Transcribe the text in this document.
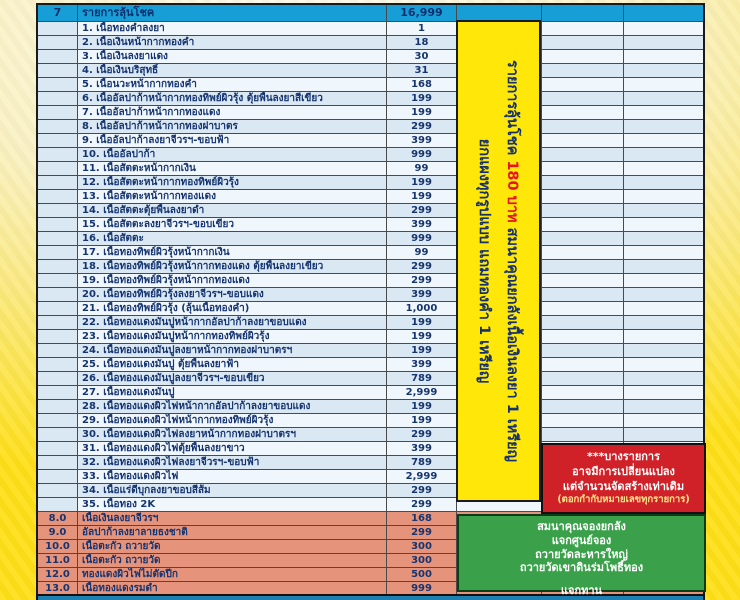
7	รายการลุ้นโชค	16,999
1. เนื้อทองคำลงยา	1
2. เนื้อเงินหน้ากากทองคำ	18
3. เนื้อเงินลงยาแดง	30
4. เนื้อเงินบริสุทธิ์	31
5. เนื้อนวะหน้ากากทองคำ	168
6. เนื้ออัลปาก้าหน้ากากทองทิพย์ผิวรุ้ง ตุ้ยพื้นลงยาสีเขียว	199
7. เนื้ออัลปาก้าหน้ากากทองแดง	199
8. เนื้ออัลปาก้าหน้ากากทองฝาบาตร	299
9. เนื้ออัลปาก้าลงยาจีวรฯ-ขอบฟ้า	399
10. เนื้ออัลปาก้า	999
11. เนื้อสัตตะหน้ากากเงิน	99
12. เนื้อสัตตะหน้ากากทองทิพย์ผิวรุ้ง	199
13. เนื้อสัตตะหน้ากากทองแดง	199
14. เนื้อสัตตะตุ้ยพื้นลงยาดำ	299
15. เนื้อสัตตะลงยาจีวรฯ-ขอบเขียว	399
16. เนื้อสัตตะ	999
17. เนื้อทองทิพย์ผิวรุ้งหน้ากากเงิน	99
18. เนื้อทองทิพย์ผิวรุ้งหน้ากากทองแดง ตุ้ยพื้นลงยาเขียว	299
19. เนื้อทองทิพย์ผิวรุ้งหน้ากากทองแดง	299
20. เนื้อทองทิพย์ผิวรุ้งลงยาจีวรฯ-ขอบแดง	399
21. เนื้อทองทิพย์ผิวรุ้ง (ลุ้นเนื้อทองคำ)	1,000
22. เนื้อทองแดงมันปูหน้ากากอัลปาก้าลงยาขอบแดง	199
23. เนื้อทองแดงมันปูหน้ากากทองทิพย์ผิวรุ้ง	199
24. เนื้อทองแดงมันปูลงยาหน้ากากทองฝาบาตรฯ	199
25. เนื้อทองแดงมันปู ตุ้ยพื้นลงยาฟ้า	399
26. เนื้อทองแดงมันปูลงยาจีวรฯ-ขอบเขียว	789
27. เนื้อทองแดงมันปู	2,999
28. เนื้อทองแดงผิวไฟหน้ากากอัลปาก้าลงยาขอบแดง	199
29. เนื้อทองแดงผิวไฟหน้ากากทองทิพย์ผิวรุ้ง	199
30. เนื้อทองแดงผิวไฟลงยาหน้ากากทองฝาบาตรฯ	299
31. เนื้อทองแดงผิวไฟตุ้ยพื้นลงยาขาว	399
32. เนื้อทองแดงผิวไฟลงยาจีวรฯ-ขอบฟ้า	789
33. เนื้อทองแดงผิวไฟ	2,999
34. เนื้อแร่ดีบุกลงยาขอบสีส้ม	299
35. เนื้อทอง 2K	299
8.0	เนื้อเงินลงยาจีวรฯ	168
9.0	อัลปาก้าลงยาลายธงชาติ	299
10.0	เนื้อตะกั่ว ถวายวัด	300
11.0	เนื้อตะกั่ว ถวายวัด	300
12.0	ทองแดงผิวไฟไม่ตัดปีก	500
13.0	เนื้อทองแดงรมดำ	999
รายการลุ้นโชค 180 บาท สมนาคุณยกลังเนื้อเงินลงยา 1 เหรียญ
ยกแผงทุกรูปแบบ แถมทองคำ 1 เหรียญ
***บางรายการ
อาจมีการเปลี่ยนแปลง
แต่จำนวนจัดสร้างเท่าเดิม
(ตอกกำกับหมายเลขทุกรายการ)
สมนาคุณจองยกลัง
แจกศูนย์จอง
ถวายวัดละหารใหญ่
ถวายวัดเขาดินร่มโพธิ์ทอง
แจกทาน
